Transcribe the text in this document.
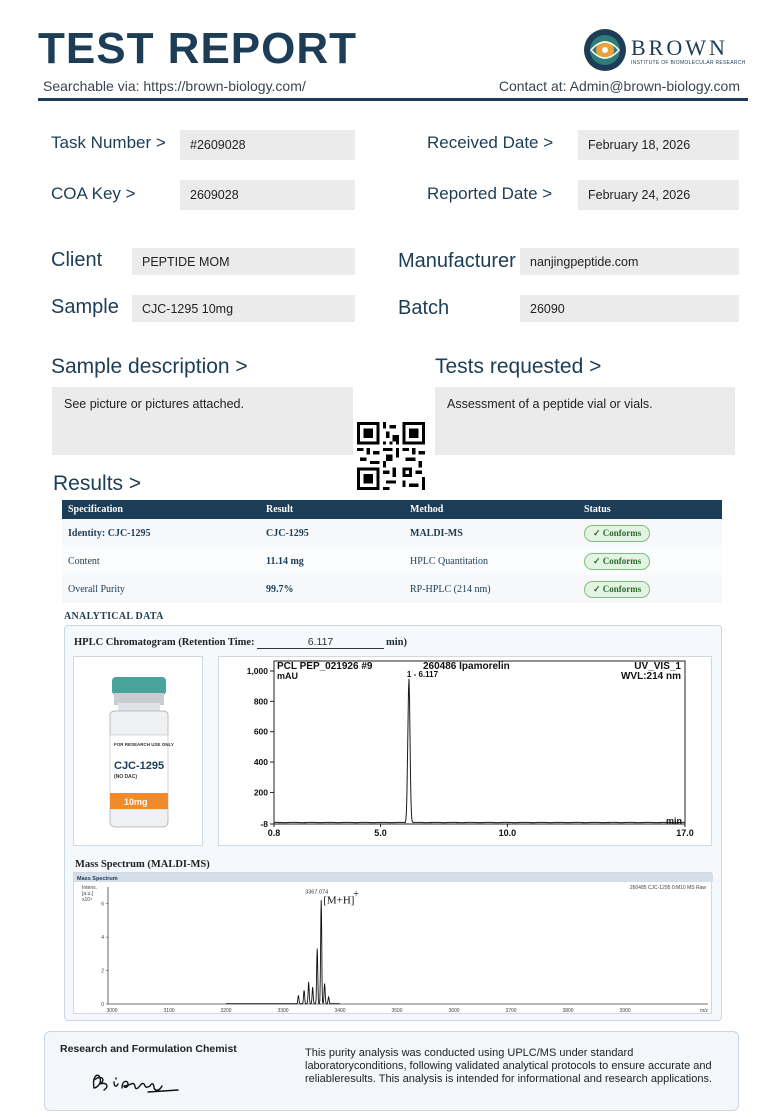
TEST REPORT
Searchable via: https://brown-biology.com/	Contact at: Admin@brown-biology.com
BROWN
INSTITUTE OF BIOMOLECULAR RESEARCH
Task Number >	#2609028
COA Key >	2609028
Received Date >	February 18, 2026
Reported Date >	February 24, 2026
Client	PEPTIDE MOM
Sample	CJC-1295 10mg
Manufacturer	nanjingpeptide.com
Batch	26090
Sample description >
See picture or pictures attached.
Tests requested >
Assessment of a peptide vial or vials.
Results >
Specification	Result	Method	Status
Identity: CJC-1295	CJC-1295	MALDI-MS	✓ Conforms
Content	11.14 mg	HPLC Quantitation	✓ Conforms
Overall Purity	99.7%	RP-HPLC (214 nm)	✓ Conforms
ANALYTICAL DATA
HPLC Chromatogram (Retention Time:	6.117	min)
FOR RESEARCH USE ONLY
CJC-1295
(NO DAC)
10mg
PCL PEP_021926 #9	260486 Ipamorelin	UV_VIS_1
WVL:214 nm
mAU
1,000
800
600
400
200
-8
0.8	5.0	10.0	17.0
1 - 6.117
min
Mass Spectrum (MALDI-MS)
Mass Spectrum
Intens.
[a.u.]
x10⁴
260485 CJC-1295 0:M10 MS Raw
6
4
2
0
3000	3100	3200	3300	3400	3500	3600	3700	3800	3900	m/z
3367.074
[M+H]
+
Research and Formulation Chemist	This purity analysis was conducted using UPLC/MS under standard laboratoryconditions, following validated analytical protocols to ensure accurate and reliableresults. This analysis is intended for informational and research applications.
